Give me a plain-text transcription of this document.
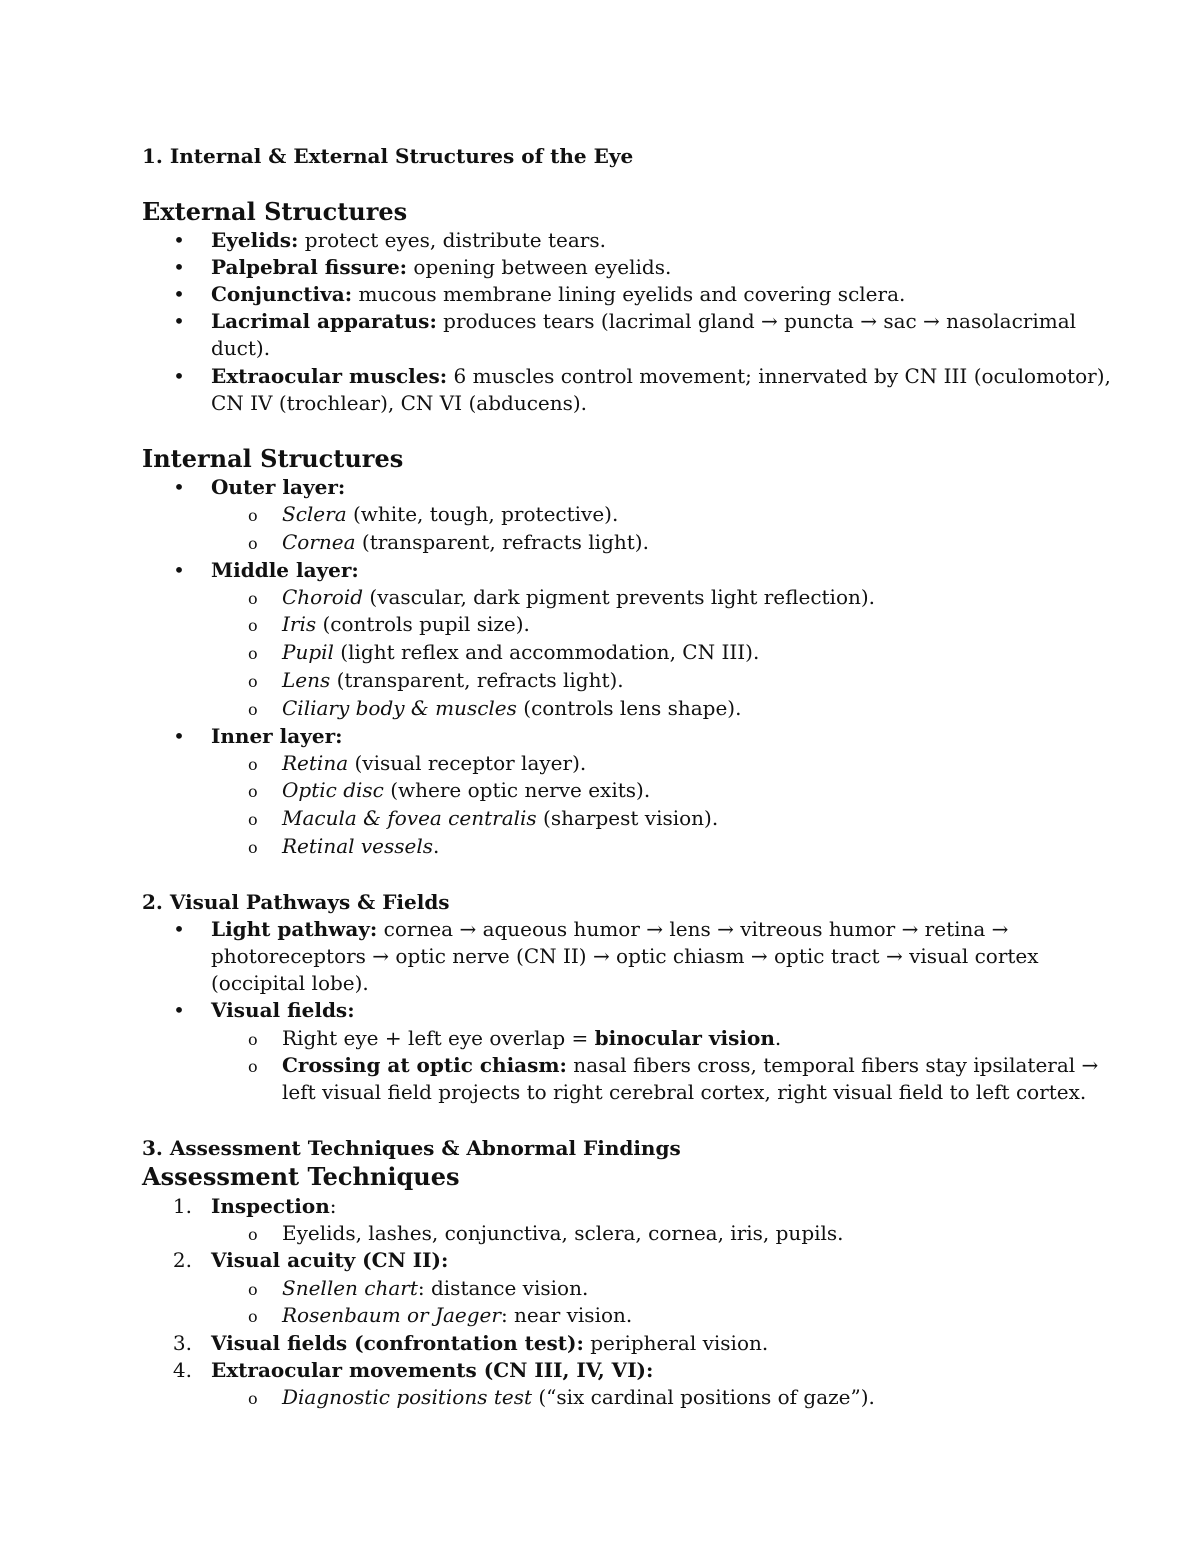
1. Internal & External Structures of the Eye
External Structures
• Eyelids: protect eyes, distribute tears.
• Palpebral fissure: opening between eyelids.
• Conjunctiva: mucous membrane lining eyelids and covering sclera.
• Lacrimal apparatus: produces tears (lacrimal gland → puncta → sac → nasolacrimal
duct).
• Extraocular muscles: 6 muscles control movement; innervated by CN III (oculomotor),
CN IV (trochlear), CN VI (abducens).
Internal Structures
• Outer layer:
o Sclera (white, tough, protective).
o Cornea (transparent, refracts light).
• Middle layer:
o Choroid (vascular, dark pigment prevents light reflection).
o Iris (controls pupil size).
o Pupil (light reflex and accommodation, CN III).
o Lens (transparent, refracts light).
o Ciliary body & muscles (controls lens shape).
• Inner layer:
o Retina (visual receptor layer).
o Optic disc (where optic nerve exits).
o Macula & fovea centralis (sharpest vision).
o Retinal vessels.
2. Visual Pathways & Fields
• Light pathway: cornea → aqueous humor → lens → vitreous humor → retina →
photoreceptors → optic nerve (CN II) → optic chiasm → optic tract → visual cortex
(occipital lobe).
• Visual fields:
o Right eye + left eye overlap = binocular vision.
o Crossing at optic chiasm: nasal fibers cross, temporal fibers stay ipsilateral →
left visual field projects to right cerebral cortex, right visual field to left cortex.
3. Assessment Techniques & Abnormal Findings
Assessment Techniques
1. Inspection:
o Eyelids, lashes, conjunctiva, sclera, cornea, iris, pupils.
2. Visual acuity (CN II):
o Snellen chart: distance vision.
o Rosenbaum or Jaeger: near vision.
3. Visual fields (confrontation test): peripheral vision.
4. Extraocular movements (CN III, IV, VI):
o Diagnostic positions test (“six cardinal positions of gaze”).
